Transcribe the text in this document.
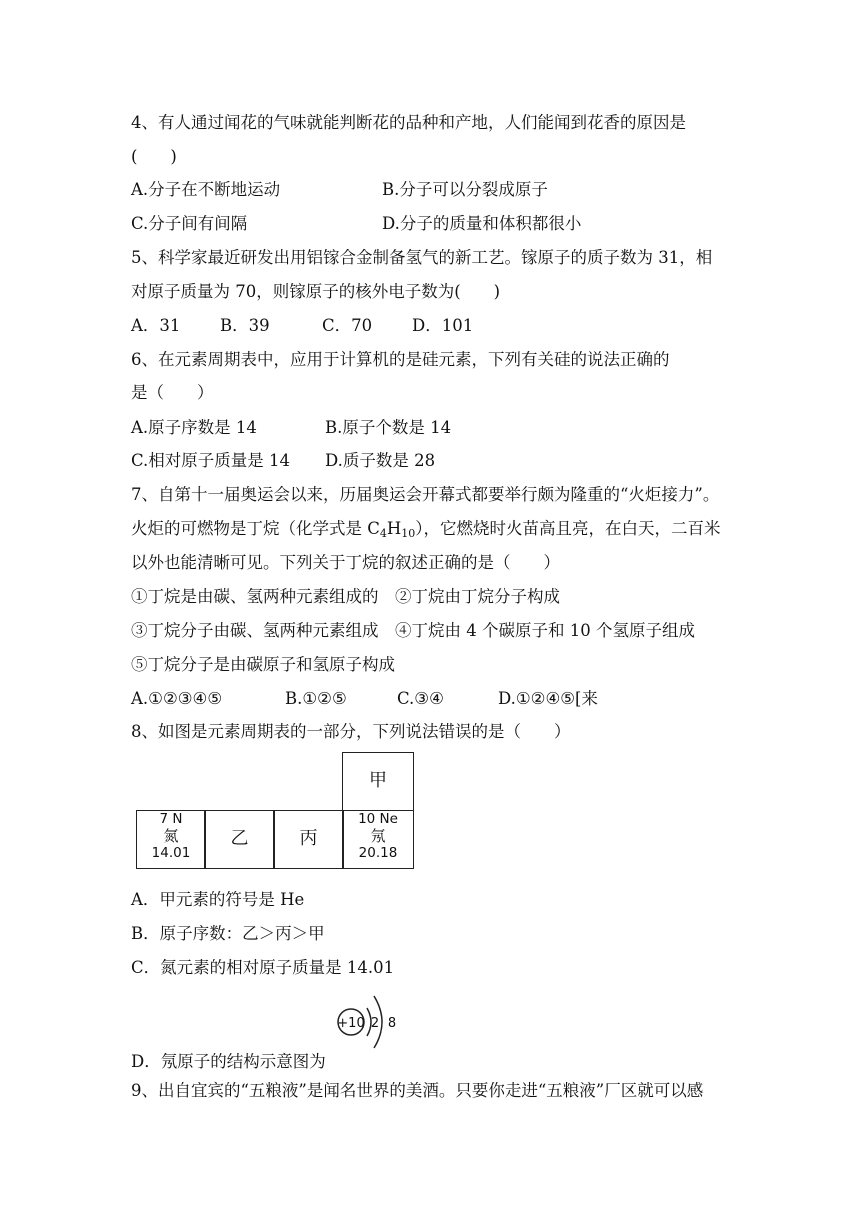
4、有人通过闻花的气味就能判断花的品种和产地，人们能闻到花香的原因是
(　　)
A.分子在不断地运动	B.分子可以分裂成原子
C.分子间有间隔	D.分子的质量和体积都很小
5、科学家最近研发出用铝镓合金制备氢气的新工艺。镓原子的质子数为 31，相
对原子质量为 70，则镓原子的核外电子数为(　　)
A．31 B．39	C．70 D．101
6、在元素周期表中，应用于计算机的是硅元素，下列有关硅的说法正确的
是（　　）
A.原子序数是 14	B.原子个数是 14
C.相对原子质量是 14 D.质子数是 28
7、自第十一届奥运会以来，历届奥运会开幕式都要举行颇为隆重的“火炬接力”。
火炬的可燃物是丁烷（化学式是 $C_4H_{10}$），它燃烧时火苗高且亮，在白天，二百米
以外也能清晰可见。下列关于丁烷的叙述正确的是（　　）
①丁烷是由碳、氢两种元素组成的　②丁烷由丁烷分子构成
③丁烷分子由碳、氢两种元素组成　④丁烷由 4 个碳原子和 10 个氢原子组成
⑤丁烷分子是由碳原子和氢原子构成
A.①②③④⑤	B.①②⑤	C.③④	D.①②④⑤[来
8、如图是元素周期表的一部分，下列说法错误的是（　　）
甲
7 N
氮
14.01
乙	丙
10 Ne
氖
20.18
A．甲元素的符号是 He
B．原子序数：乙＞丙＞甲
C．氮元素的相对原子质量是 14.01
+10 2 8
D．氖原子的结构示意图为
9、出自宜宾的“五粮液”是闻名世界的美酒。只要你走进“五粮液”厂区就可以感
